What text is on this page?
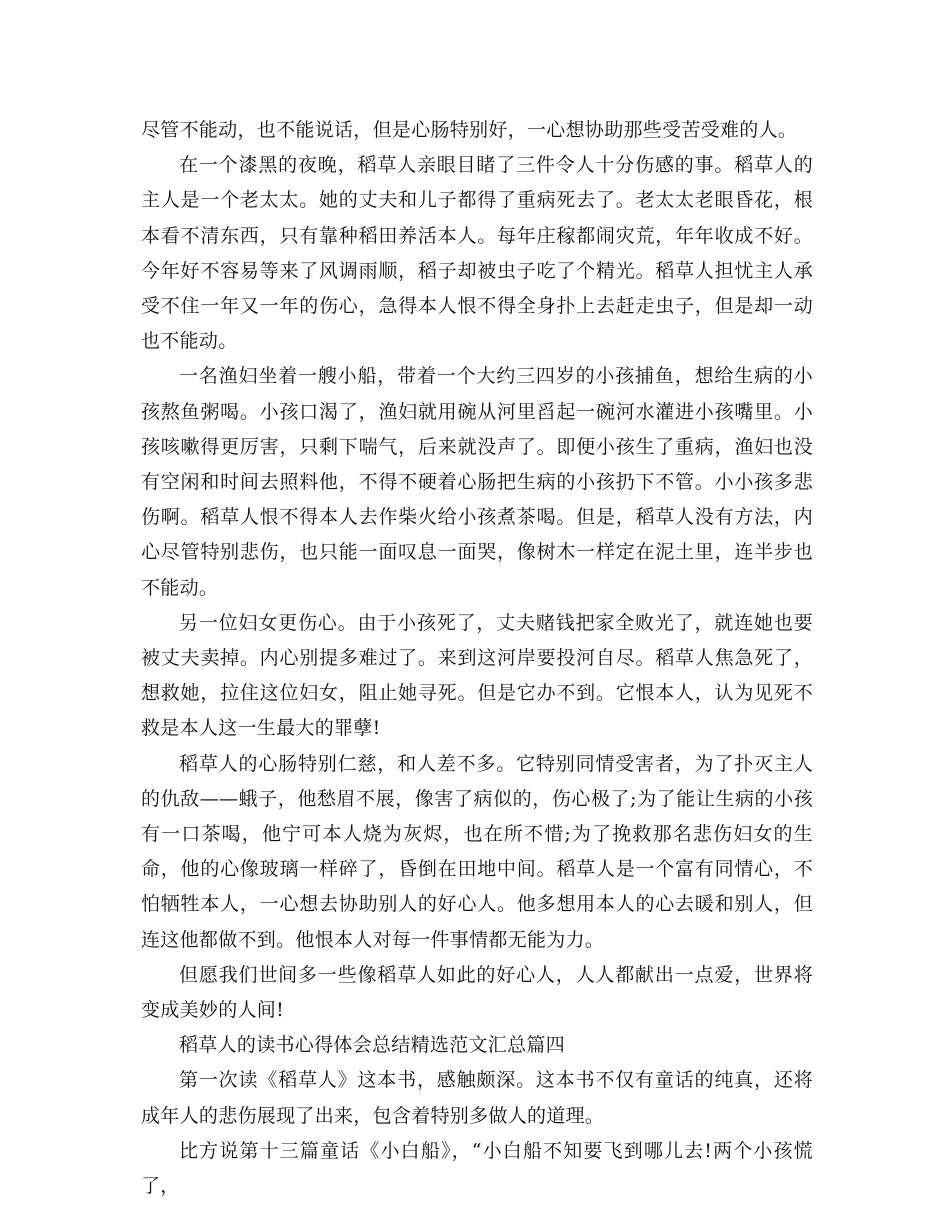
尽管不能动，也不能说话，但是心肠特别好，一心想协助那些受苦受难的人。

在一个漆黑的夜晚，稻草人亲眼目睹了三件令人十分伤感的事。稻草人的主人是一个老太太。她的丈夫和儿子都得了重病死去了。老太太老眼昏花，根本看不清东西，只有靠种稻田养活本人。每年庄稼都闹灾荒，年年收成不好。今年好不容易等来了风调雨顺，稻子却被虫子吃了个精光。稻草人担忧主人承受不住一年又一年的伤心，急得本人恨不得全身扑上去赶走虫子，但是却一动也不能动。

一名渔妇坐着一艘小船，带着一个大约三四岁的小孩捕鱼，想给生病的小孩熬鱼粥喝。小孩口渴了，渔妇就用碗从河里舀起一碗河水灌进小孩嘴里。小孩咳嗽得更厉害，只剩下喘气，后来就没声了。即便小孩生了重病，渔妇也没有空闲和时间去照料他，不得不硬着心肠把生病的小孩扔下不管。小小孩多悲伤啊。稻草人恨不得本人去作柴火给小孩煮茶喝。但是，稻草人没有方法，内心尽管特别悲伤，也只能一面叹息一面哭，像树木一样定在泥土里，连半步也不能动。

另一位妇女更伤心。由于小孩死了，丈夫赌钱把家全败光了，就连她也要被丈夫卖掉。内心别提多难过了。来到这河岸要投河自尽。稻草人焦急死了，想救她，拉住这位妇女，阻止她寻死。但是它办不到。它恨本人，认为见死不救是本人这一生最大的罪孽!

稻草人的心肠特别仁慈，和人差不多。它特别同情受害者，为了扑灭主人的仇敌——蛾子，他愁眉不展，像害了病似的，伤心极了;为了能让生病的小孩有一口茶喝，他宁可本人烧为灰烬，也在所不惜;为了挽救那名悲伤妇女的生命，他的心像玻璃一样碎了，昏倒在田地中间。稻草人是一个富有同情心，不怕牺牲本人，一心想去协助别人的好心人。他多想用本人的心去暖和别人，但连这他都做不到。他恨本人对每一件事情都无能为力。

但愿我们世间多一些像稻草人如此的好心人，人人都献出一点爱，世界将变成美妙的人间!

稻草人的读书心得体会总结精选范文汇总篇四

第一次读《稻草人》这本书，感触颇深。这本书不仅有童话的纯真，还将成年人的悲伤展现了出来，包含着特别多做人的道理。

比方说第十三篇童话《小白船》，“小白船不知要飞到哪儿去!两个小孩慌了，
